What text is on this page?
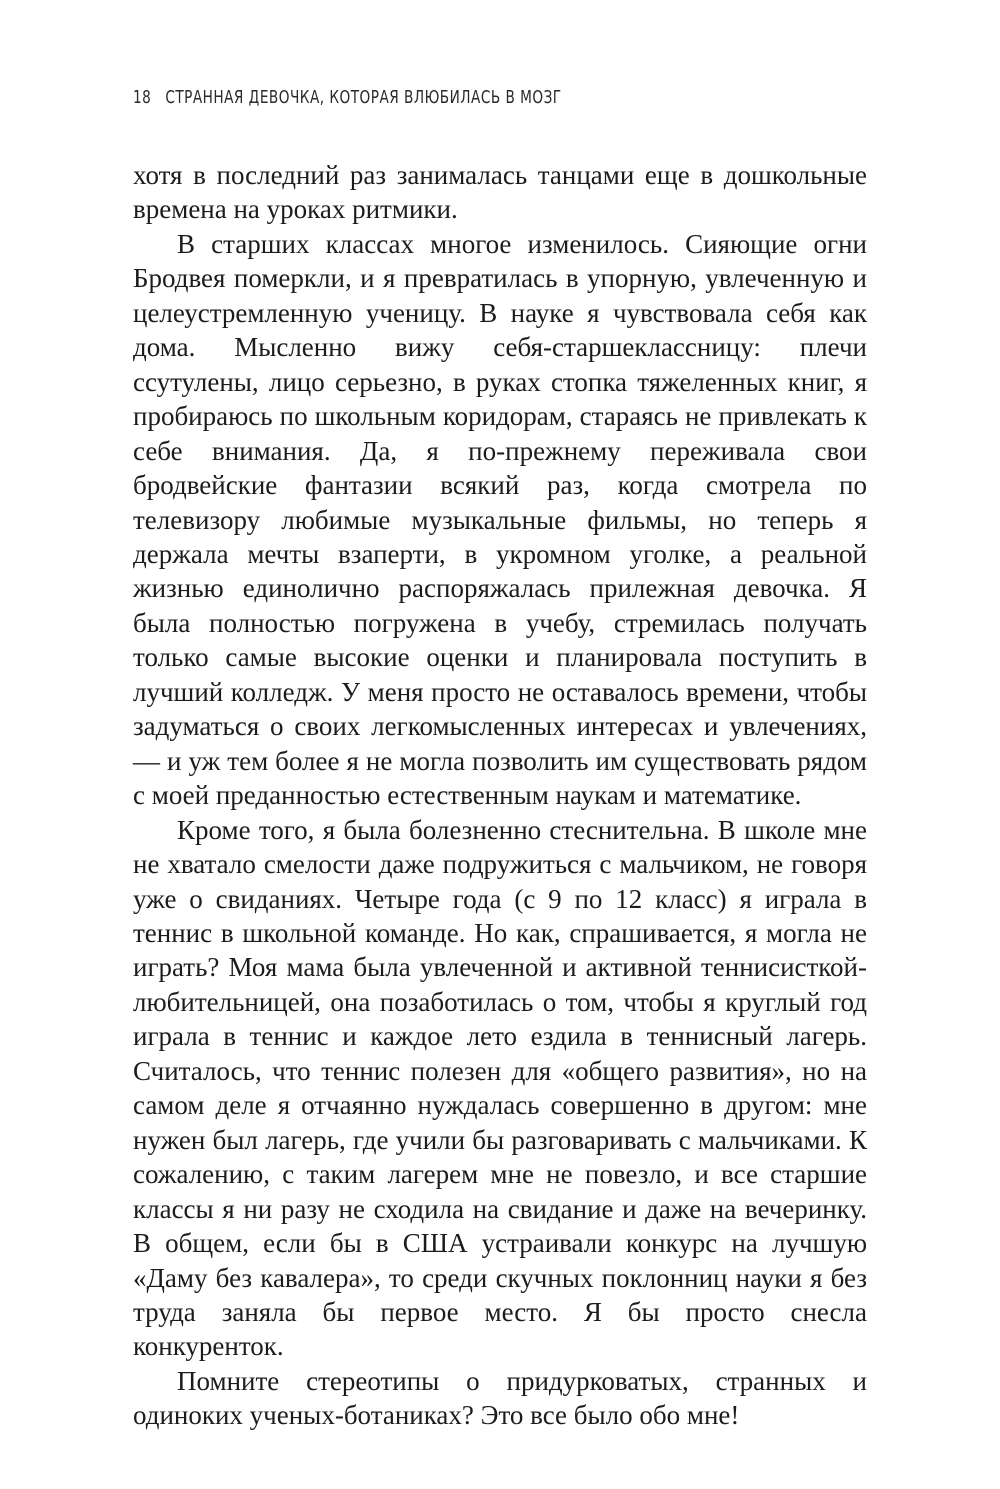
18 СТРАННАЯ ДЕВОЧКА, КОТОРАЯ ВЛЮБИЛАСЬ В МОЗГ

хотя в последний раз занималась танцами еще в дошкольные времена на уроках ритмики.

В старших классах многое изменилось. Сияющие огни Бродвея померкли, и я превратилась в упорную, увлеченную и целеустремленную ученицу. В науке я чувствовала себя как дома. Мысленно вижу себя-старшеклассницу: плечи ссутулены, лицо серьезно, в руках стопка тяжеленных книг, я пробираюсь по школьным коридорам, стараясь не привлекать к себе внимания. Да, я по-прежнему переживала свои бродвейские фантазии всякий раз, когда смотрела по телевизору любимые музыкальные фильмы, но теперь я держала мечты взаперти, в укромном уголке, а реальной жизнью единолично распоряжалась прилежная девочка. Я была полностью погружена в учебу, стремилась получать только самые высокие оценки и планировала поступить в лучший колледж. У меня просто не оставалось времени, чтобы задуматься о своих легкомысленных интересах и увлечениях, — и уж тем более я не могла позволить им существовать рядом с моей преданностью естественным наукам и математике.

Кроме того, я была болезненно стеснительна. В школе мне не хватало смелости даже подружиться с мальчиком, не говоря уже о свиданиях. Четыре года (с 9 по 12 класс) я играла в теннис в школьной команде. Но как, спрашивается, я могла не играть? Моя мама была увлеченной и активной теннисисткой-любительницей, она позаботилась о том, чтобы я круглый год играла в теннис и каждое лето ездила в теннисный лагерь. Считалось, что теннис полезен для «общего развития», но на самом деле я отчаянно нуждалась совершенно в другом: мне нужен был лагерь, где учили бы разговаривать с мальчиками. К сожалению, с таким лагерем мне не повезло, и все старшие классы я ни разу не сходила на свидание и даже на вечеринку. В общем, если бы в США устраивали конкурс на лучшую «Даму без кавалера», то среди скучных поклонниц науки я без труда заняла бы первое место. Я бы просто снесла конкуренток.

Помните стереотипы о придурковатых, странных и одиноких ученых-ботаниках? Это все было обо мне!
